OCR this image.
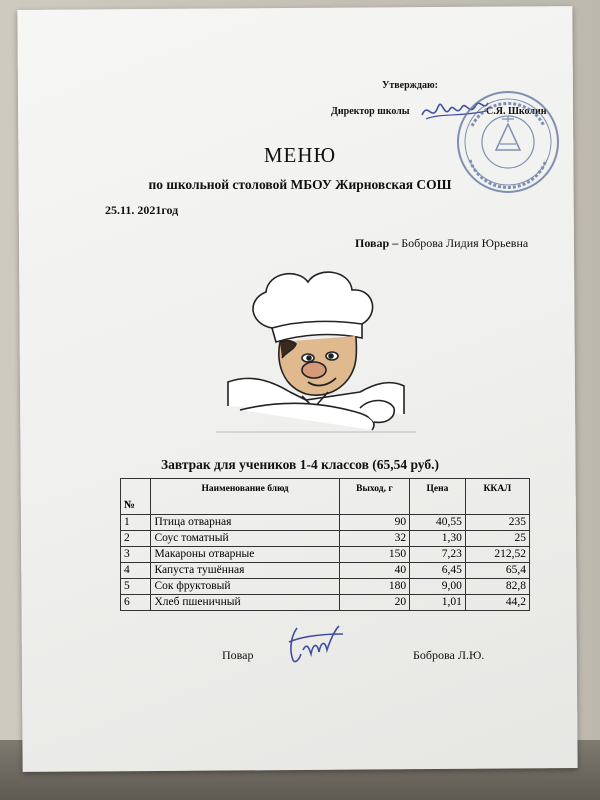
Утверждаю:
Директор школы	С.Я. Школин
МЕНЮ
по школьной столовой МБОУ Жирновская СОШ
25.11. 2021год
Повар – Боброва Лидия Юрьевна
Завтрак для учеников 1-4 классов (65,54 руб.)
№	Наименование блюд	Выход, г	Цена	ККАЛ
1	Птица отварная	90	40,55	235
2	Соус томатный	32	1,30	25
3	Макароны отварные	150	7,23	212,52
4	Капуста тушённая	40	6,45	65,4
5	Сок фруктовый	180	9,00	82,8
6	Хлеб пшеничный	20	1,01	44,2
Повар	Боброва Л.Ю.
